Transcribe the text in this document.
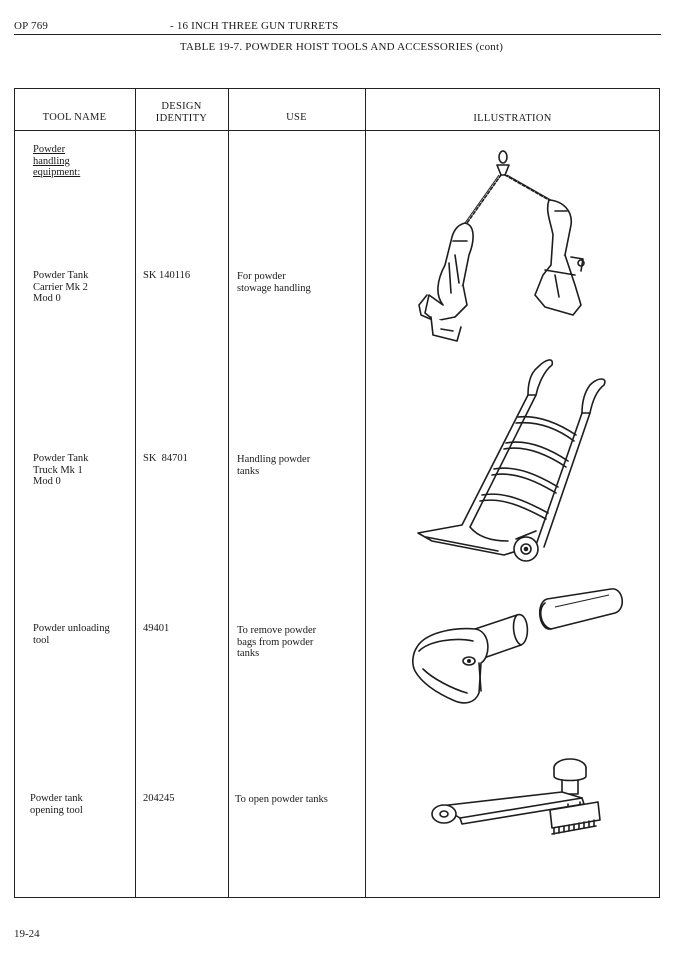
OP 769	- 16 INCH THREE GUN TURRETS
TABLE 19-7. POWDER HOIST TOOLS AND ACCESSORIES (cont)
TOOL NAME
DESIGN
IDENTITY	USE	ILLUSTRATION
Powder
handling
equipment:
Powder Tank
Carrier Mk 2
Mod 0
SK 140116	For powder
stowage handling
Powder Tank
Truck Mk 1
Mod 0
SK  84701	Handling powder
tanks
Powder unloading
tool
49401	To remove powder
bags from powder
tanks
Powder tank
opening tool
204245	To open powder tanks
19-24
